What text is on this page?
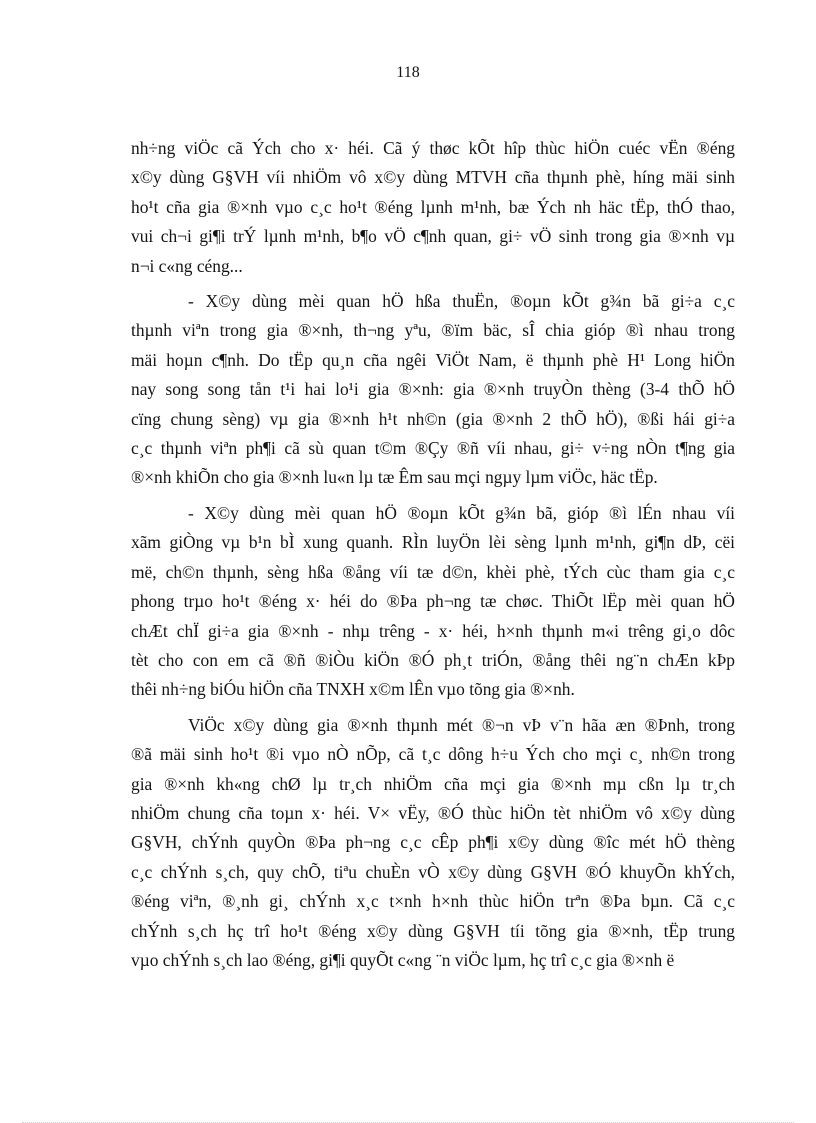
118
nh÷ng viÖc cã Ých cho x· héi. Cã ý thøc kÕt hîp thùc hiÖn cuéc vËn ®éng
x©y dùng G§VH víi nhiÖm vô x©y dùng MTVH cña thµnh phè, híng mäi sinh
ho¹t cña gia ®×nh vµo c¸c ho¹t ®éng lµnh m¹nh, bæ Ých nh häc tËp, thÓ thao,
vui ch¬i gi¶i trÝ lµnh m¹nh, b¶o vÖ c¶nh quan, gi÷ vÖ sinh trong gia ®×nh vµ
n¬i c«ng céng...
- X©y dùng mèi quan hÖ hßa thuËn, ®oµn kÕt g¾n bã gi÷a c¸c
thµnh viªn trong gia ®×nh, th¬ng yªu, ®ïm bäc, sÎ chia gióp ®ì nhau trong
mäi hoµn c¶nh. Do tËp qu¸n cña ngêi ViÖt Nam, ë thµnh phè H¹ Long hiÖn
nay song song tån t¹i hai lo¹i gia ®×nh: gia ®×nh truyÒn thèng (3-4 thÕ hÖ
cïng chung sèng) vµ gia ®×nh h¹t nh©n (gia ®×nh 2 thÕ hÖ), ®ßi hái gi÷a
c¸c thµnh viªn ph¶i cã sù quan t©m ®Çy ®ñ víi nhau, gi÷ v÷ng nÒn t¶ng gia
®×nh khiÕn cho gia ®×nh lu«n lµ tæ Êm sau mçi ngµy lµm viÖc, häc tËp.
- X©y dùng mèi quan hÖ ®oµn kÕt g¾n bã, gióp ®ì lÉn nhau víi
xãm giÒng vµ b¹n bÌ xung quanh. RÌn luyÖn lèi sèng lµnh m¹nh, gi¶n dÞ, cëi
më, ch©n thµnh, sèng hßa ®ång víi tæ d©n, khèi phè, tÝch cùc tham gia c¸c
phong trµo ho¹t ®éng x· héi do ®Þa ph¬ng tæ chøc. ThiÕt lËp mèi quan hÖ
chÆt chÏ gi÷a gia ®×nh - nhµ trêng - x· héi, h×nh thµnh m«i trêng gi¸o dôc
tèt cho con em cã ®ñ ®iÒu kiÖn ®Ó ph¸t triÓn, ®ång thêi ng¨n chÆn kÞp
thêi nh÷ng biÓu hiÖn cña TNXH x©m lÊn vµo tõng gia ®×nh.
ViÖc x©y dùng gia ®×nh thµnh mét ®¬n vÞ v¨n hãa æn ®Þnh, trong
®ã mäi sinh ho¹t ®i vµo nÒ nÕp, cã t¸c dông h÷u Ých cho mçi c¸ nh©n trong
gia ®×nh kh«ng chØ lµ tr¸ch nhiÖm cña mçi gia ®×nh mµ cßn lµ tr¸ch
nhiÖm chung cña toµn x· héi. V× vËy, ®Ó thùc hiÖn tèt nhiÖm vô x©y dùng
G§VH, chÝnh quyÒn ®Þa ph¬ng c¸c cÊp ph¶i x©y dùng ®îc mét hÖ thèng
c¸c chÝnh s¸ch, quy chÕ, tiªu chuÈn vÒ x©y dùng G§VH ®Ó khuyÕn khÝch,
®éng viªn, ®¸nh gi¸ chÝnh x¸c t×nh h×nh thùc hiÖn trªn ®Þa bµn. Cã c¸c
chÝnh s¸ch hç trî ho¹t ®éng x©y dùng G§VH tíi tõng gia ®×nh, tËp trung
vµo chÝnh s¸ch lao ®éng, gi¶i quyÕt c«ng ¨n viÖc lµm, hç trî c¸c gia ®×nh ë
